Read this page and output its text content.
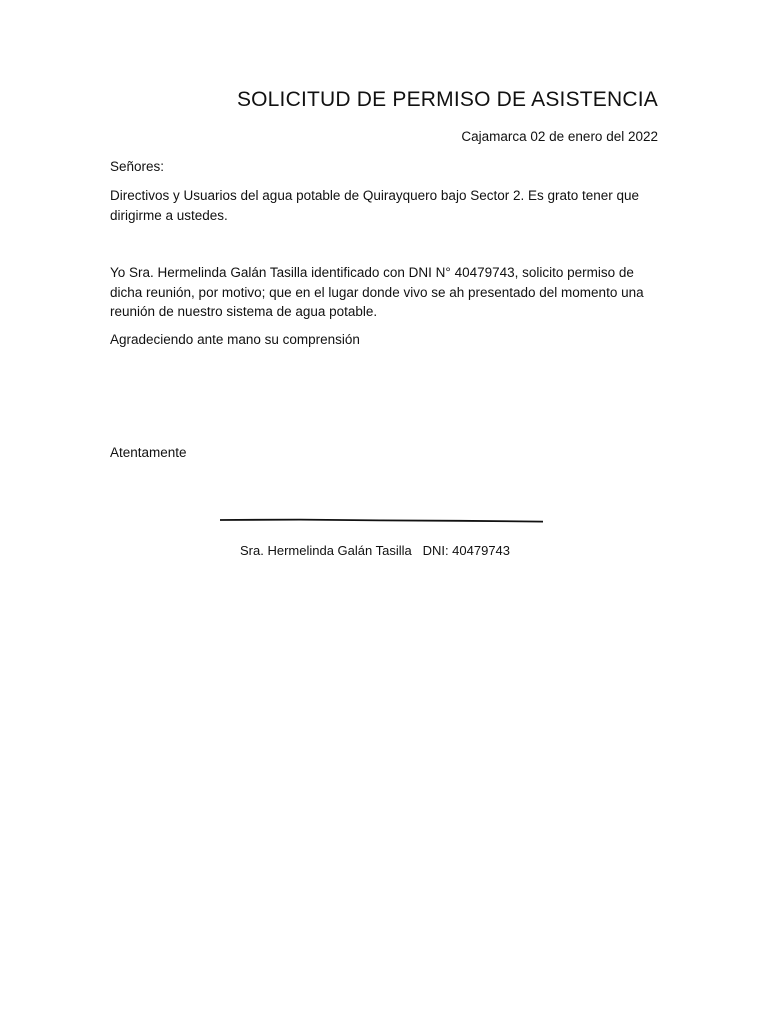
SOLICITUD DE PERMISO DE ASISTENCIA
Cajamarca 02 de enero del 2022

Señores:

Directivos y Usuarios del agua potable de Quirayquero bajo Sector 2. Es grato tener que dirigirme a ustedes.

Yo Sra. Hermelinda Galán Tasilla identificado con DNI N° 40479743, solicito permiso de dicha reunión, por motivo; que en el lugar donde vivo se ah presentado del momento una reunión de nuestro sistema de agua potable.

Agradeciendo ante mano su comprensión

Atentamente

Sra. Hermelinda Galán Tasilla   DNI: 40479743
